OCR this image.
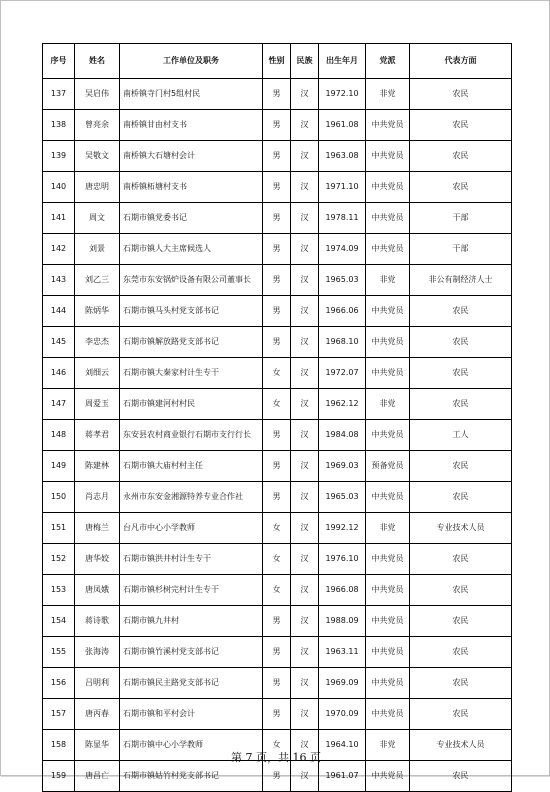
序号	姓名	工作单位及职务	性别	民族	出生年月	党派	代表方面
137	吴启伟	南桥镇寺门村5组村民	男	汉	1972.10	非党	农民
138	曾亮余	南桥镇甘由村支书	男	汉	1961.08	中共党员	农民
139	吴敬文	南桥镇大石塘村会计	男	汉	1963.08	中共党员	农民
140	唐忠明	南桥镇柘塘村支书	男	汉	1971.10	中共党员	农民
141	周文	石期市镇党委书记	男	汉	1978.11	中共党员	干部
142	刘景	石期市镇人大主席候选人	男	汉	1974.09	中共党员	干部
143	刘乙三	东莞市东安锅炉设备有限公司董事长	男	汉	1965.03	非党	非公有制经济人士
144	陈炳华	石期市镇马头村党支部书记	男	汉	1966.06	中共党员	农民
145	李忠杰	石期市镇解放路党支部书记	男	汉	1968.10	中共党员	农民
146	刘细云	石期市镇大秦家村计生专干	女	汉	1972.07	中共党员	农民
147	周爱玉	石期市镇建河村村民	女	汉	1962.12	非党	农民
148	蒋孝君	东安县农村商业银行石期市支行行长	男	汉	1984.08	中共党员	工人
149	陈建林	石期市镇大庙村村主任	男	汉	1969.03	预备党员	农民
150	肖志月	永州市东安金湘源特养专业合作社	男	汉	1965.03	中共党员	农民
151	唐梅兰	台凡市中心小学教师	女	汉	1992.12	非党	专业技术人员
152	唐华姣	石期市镇洪井村计生专干	女	汉	1976.10	中共党员	农民
153	唐凤娥	石期市镇杉树完村计生专干	女	汉	1966.08	中共党员	农民
154	蒋诗歌	石期市镇九井村	男	汉	1988.09	中共党员	农民
155	张海涛	石期市镇竹溪村党支部书记	男	汉	1963.11	中共党员	农民
156	吕明利	石期市镇民主路党支部书记	男	汉	1969.09	中共党员	农民
157	唐丙春	石期市镇和平村会计	男	汉	1970.09	中共党员	农民
158	陈显华	石期市镇中心小学教师	女	汉	1964.10	非党	专业技术人员
159	唐昌亡	石期市镇姑竹村党支部书记	男	汉	1961.07	中共党员	农民
第 7 页，共 16 页
